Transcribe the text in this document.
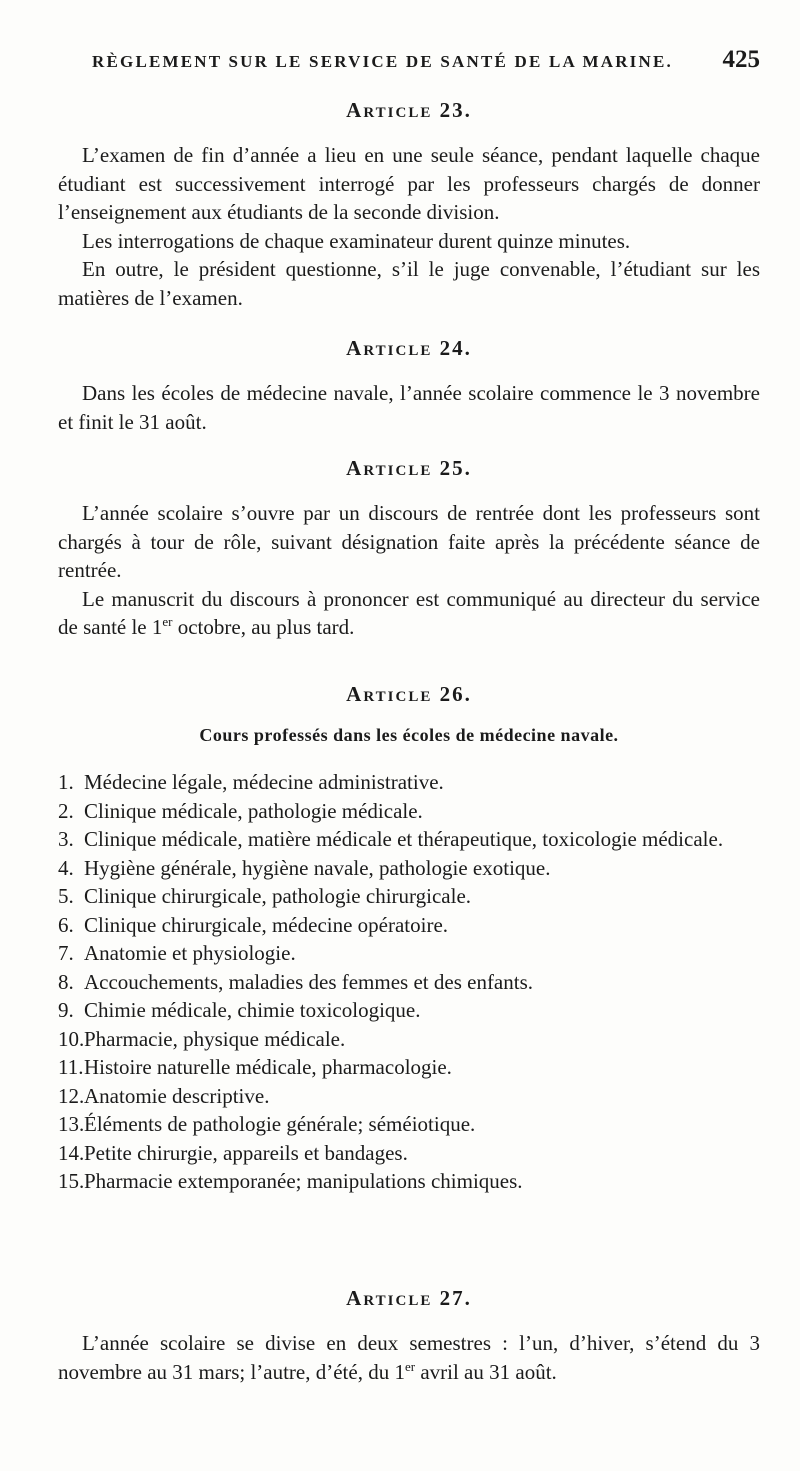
RÈGLEMENT SUR LE SERVICE DE SANTÉ DE LA MARINE. 425
Article 23.

L’examen de fin d’année a lieu en une seule séance, pendant laquelle chaque étudiant est successivement interrogé par les professeurs chargés de donner l’enseignement aux étudiants de la seconde division.

Les interrogations de chaque examinateur durent quinze minutes.

En outre, le président questionne, s’il le juge convenable, l’étudiant sur les matières de l’examen.

Article 24.

Dans les écoles de médecine navale, l’année scolaire commence le 3 novembre et finit le 31 août.

Article 25.

L’année scolaire s’ouvre par un discours de rentrée dont les professeurs sont chargés à tour de rôle, suivant désignation faite après la précédente séance de rentrée.

Le manuscrit du discours à prononcer est communiqué au directeur du service de santé le 1er octobre, au plus tard.

Article 26.
Cours professés dans les écoles de médecine navale.
1. Médecine légale, médecine administrative.
2. Clinique médicale, pathologie médicale.
3. Clinique médicale, matière médicale et thérapeutique, toxicologie médicale.
4. Hygiène générale, hygiène navale, pathologie exotique.
5. Clinique chirurgicale, pathologie chirurgicale.
6. Clinique chirurgicale, médecine opératoire.
7. Anatomie et physiologie.
8. Accouchements, maladies des femmes et des enfants.
9. Chimie médicale, chimie toxicologique.
10.Pharmacie, physique médicale.
11.Histoire naturelle médicale, pharmacologie.
12.Anatomie descriptive.
13.Éléments de pathologie générale; séméiotique.
14.Petite chirurgie, appareils et bandages.
15.Pharmacie extemporanée; manipulations chimiques.
Article 27.

L’année scolaire se divise en deux semestres : l’un, d’hiver, s’étend du 3 novembre au 31 mars; l’autre, d’été, du 1er avril au 31 août.
